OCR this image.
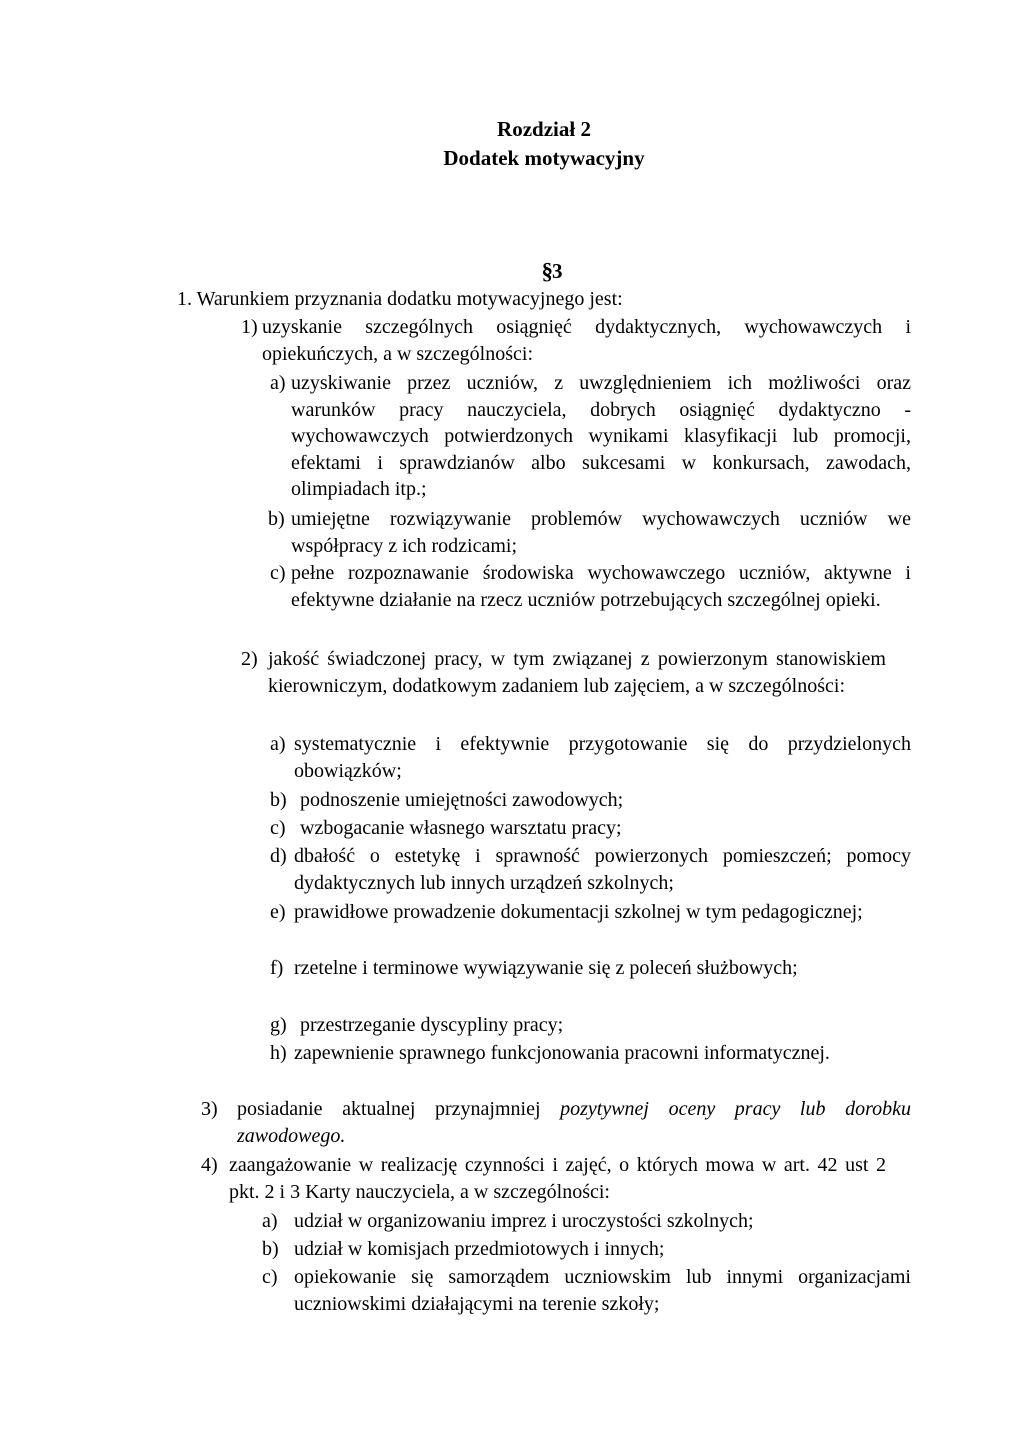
Rozdział 2
Dodatek motywacyjny
§3
1. Warunkiem przyznania dodatku motywacyjnego jest:
1) uzyskanie szczególnych osiągnięć dydaktycznych, wychowawczych i opiekuńczych, a w szczególności:
a) uzyskiwanie przez uczniów, z uwzględnieniem ich możliwości oraz warunków pracy nauczyciela, dobrych osiągnięć dydaktyczno - wychowawczych potwierdzonych wynikami klasyfikacji lub promocji, efektami i sprawdzianów albo sukcesami w konkursach, zawodach, olimpiadach itp.;
b) umiejętne rozwiązywanie problemów wychowawczych uczniów we współpracy z ich rodzicami;
c) pełne rozpoznawanie środowiska wychowawczego uczniów, aktywne i efektywne działanie na rzecz uczniów potrzebujących szczególnej opieki.
2) jakość świadczonej pracy, w tym związanej z powierzonym stanowiskiem kierowniczym, dodatkowym zadaniem lub zajęciem, a w szczególności:
a) systematycznie i efektywnie przygotowanie się do przydzielonych obowiązków;
b) podnoszenie umiejętności zawodowych;
c) wzbogacanie własnego warsztatu pracy;
d) dbałość o estetykę i sprawność powierzonych pomieszczeń; pomocy dydaktycznych lub innych urządzeń szkolnych;
e) prawidłowe prowadzenie dokumentacji szkolnej w tym pedagogicznej;
f) rzetelne i terminowe wywiązywanie się z poleceń służbowych;
g) przestrzeganie dyscypliny pracy;
h) zapewnienie sprawnego funkcjonowania pracowni informatycznej.
3) posiadanie aktualnej przynajmniej pozytywnej oceny pracy lub dorobku zawodowego.
4) zaangażowanie w realizację czynności i zajęć, o których mowa w art. 42 ust 2 pkt. 2 i 3 Karty nauczyciela, a w szczególności:
a) udział w organizowaniu imprez i uroczystości szkolnych;
b) udział w komisjach przedmiotowych i innych;
c) opiekowanie się samorządem uczniowskim lub innymi organizacjami uczniowskimi działającymi na terenie szkoły;
